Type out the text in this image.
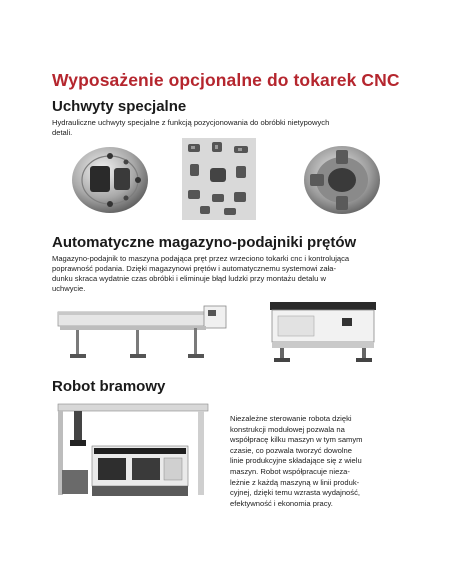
Wyposażenie opcjonalne do tokarek CNC
Uchwyty specjalne
Hydrauliczne uchwyty specjalne z funkcją pozycjonowania do obróbki nietypowych
detali.
Automatyczne magazyno-podajniki prętów
Magazyno-podajnik to maszyna podająca pręt przez wrzeciono tokarki cnc i kontrolująca
poprawność podania. Dzięki magazynowi prętów i automatycznemu systemowi zała-
dunku skraca wydatnie czas obróbki i eliminuje błąd ludzki przy montażu detalu w
uchwycie.
Robot bramowy
Niezależne sterowanie robota dzięki
konstrukcji modułowej pozwala na
współpracę kilku maszyn w tym samym
czasie, co pozwala tworzyć dowolne
linie produkcyjne składające się z wielu
maszyn. Robot współpracuje nieza-
leżnie z każdą maszyną w linii produk-
cyjnej, dzięki temu wzrasta wydajność,
efektywność i ekonomia pracy.
